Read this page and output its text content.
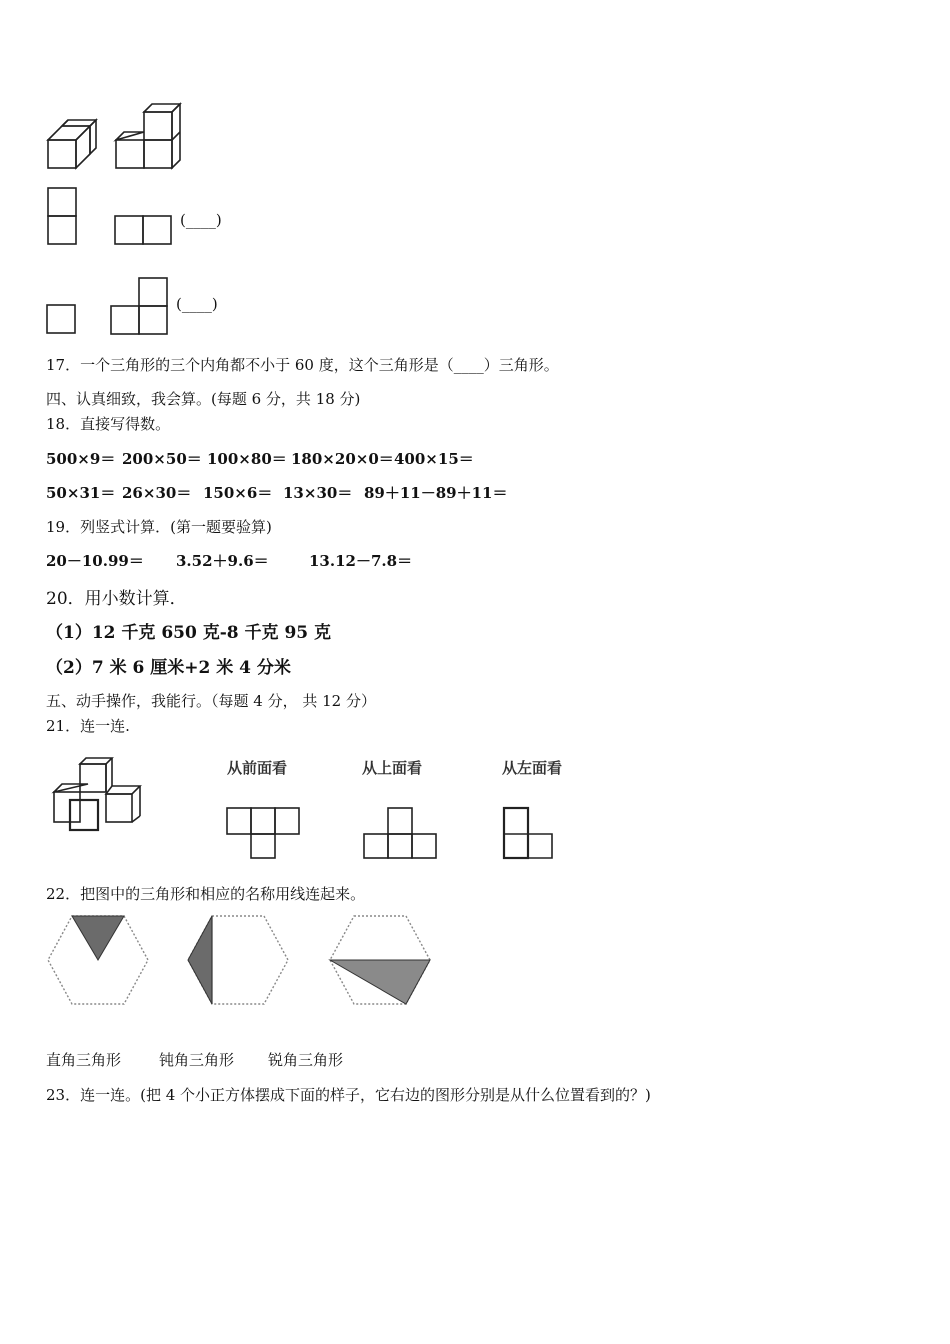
(____)
(____)
17．一个三角形的三个内角都不小于 60 度，这个三角形是（____）三角形。
四、认真细致，我会算。(每题 6 分，共 18 分)
18．直接写得数。
500×9＝ 200×50＝ 100×80＝ 180×20×0＝ 400×15＝
50×31＝ 26×30＝ 150×6＝ 13×30＝ 89＋11－89＋11＝
19．列竖式计算．(第一题要验算)
20－10.99＝ 3.52＋9.6＝	13.12－7.8＝
20．用小数计算．
（1）12 千克 650 克-8 千克 95 克
（2）7 米 6 厘米+2 米 4 分米
五、动手操作，我能行。（每题 4 分， 共 12 分）
21．连一连.
从前面看	从上面看	从左面看
22．把图中的三角形和相应的名称用线连起来。
直角三角形	钝角三角形 锐角三角形
23．连一连。(把 4 个小正方体摆成下面的样子，它右边的图形分别是从什么位置看到的？)
